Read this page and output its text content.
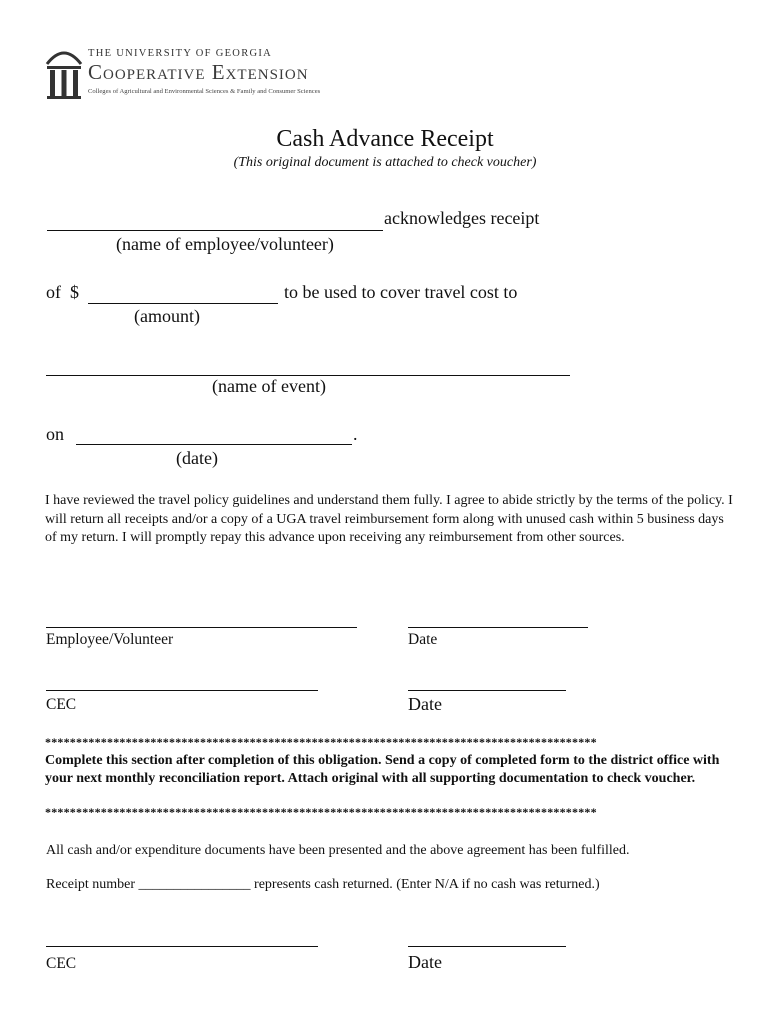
THE UNIVERSITY OF GEORGIA
Cooperative Extension
Colleges of Agricultural and Environmental Sciences & Family and Consumer Sciences
Cash Advance Receipt
(This original document is attached to check voucher)
acknowledges receipt
(name of employee/volunteer)
of  $	to be used to cover travel cost to
(amount)
(name of event)
on	.
(date)
I have reviewed the travel policy guidelines and understand them fully. I agree to abide strictly by the terms of the policy. I will return all receipts and/or a copy of a UGA travel reimbursement form along with unused cash within 5 business days of my return. I will promptly repay this advance upon receiving any reimbursement from other sources.
Employee/Volunteer	Date
CEC	Date
*****************************************************************************************
Complete this section after completion of this obligation. Send a copy of completed form to the district office with your next monthly reconciliation report. Attach original with all supporting documentation to check voucher.
*****************************************************************************************
All cash and/or expenditure documents have been presented and the above agreement has been fulfilled.
Receipt number ________________ represents cash returned. (Enter N/A if no cash was returned.)
CEC	Date
